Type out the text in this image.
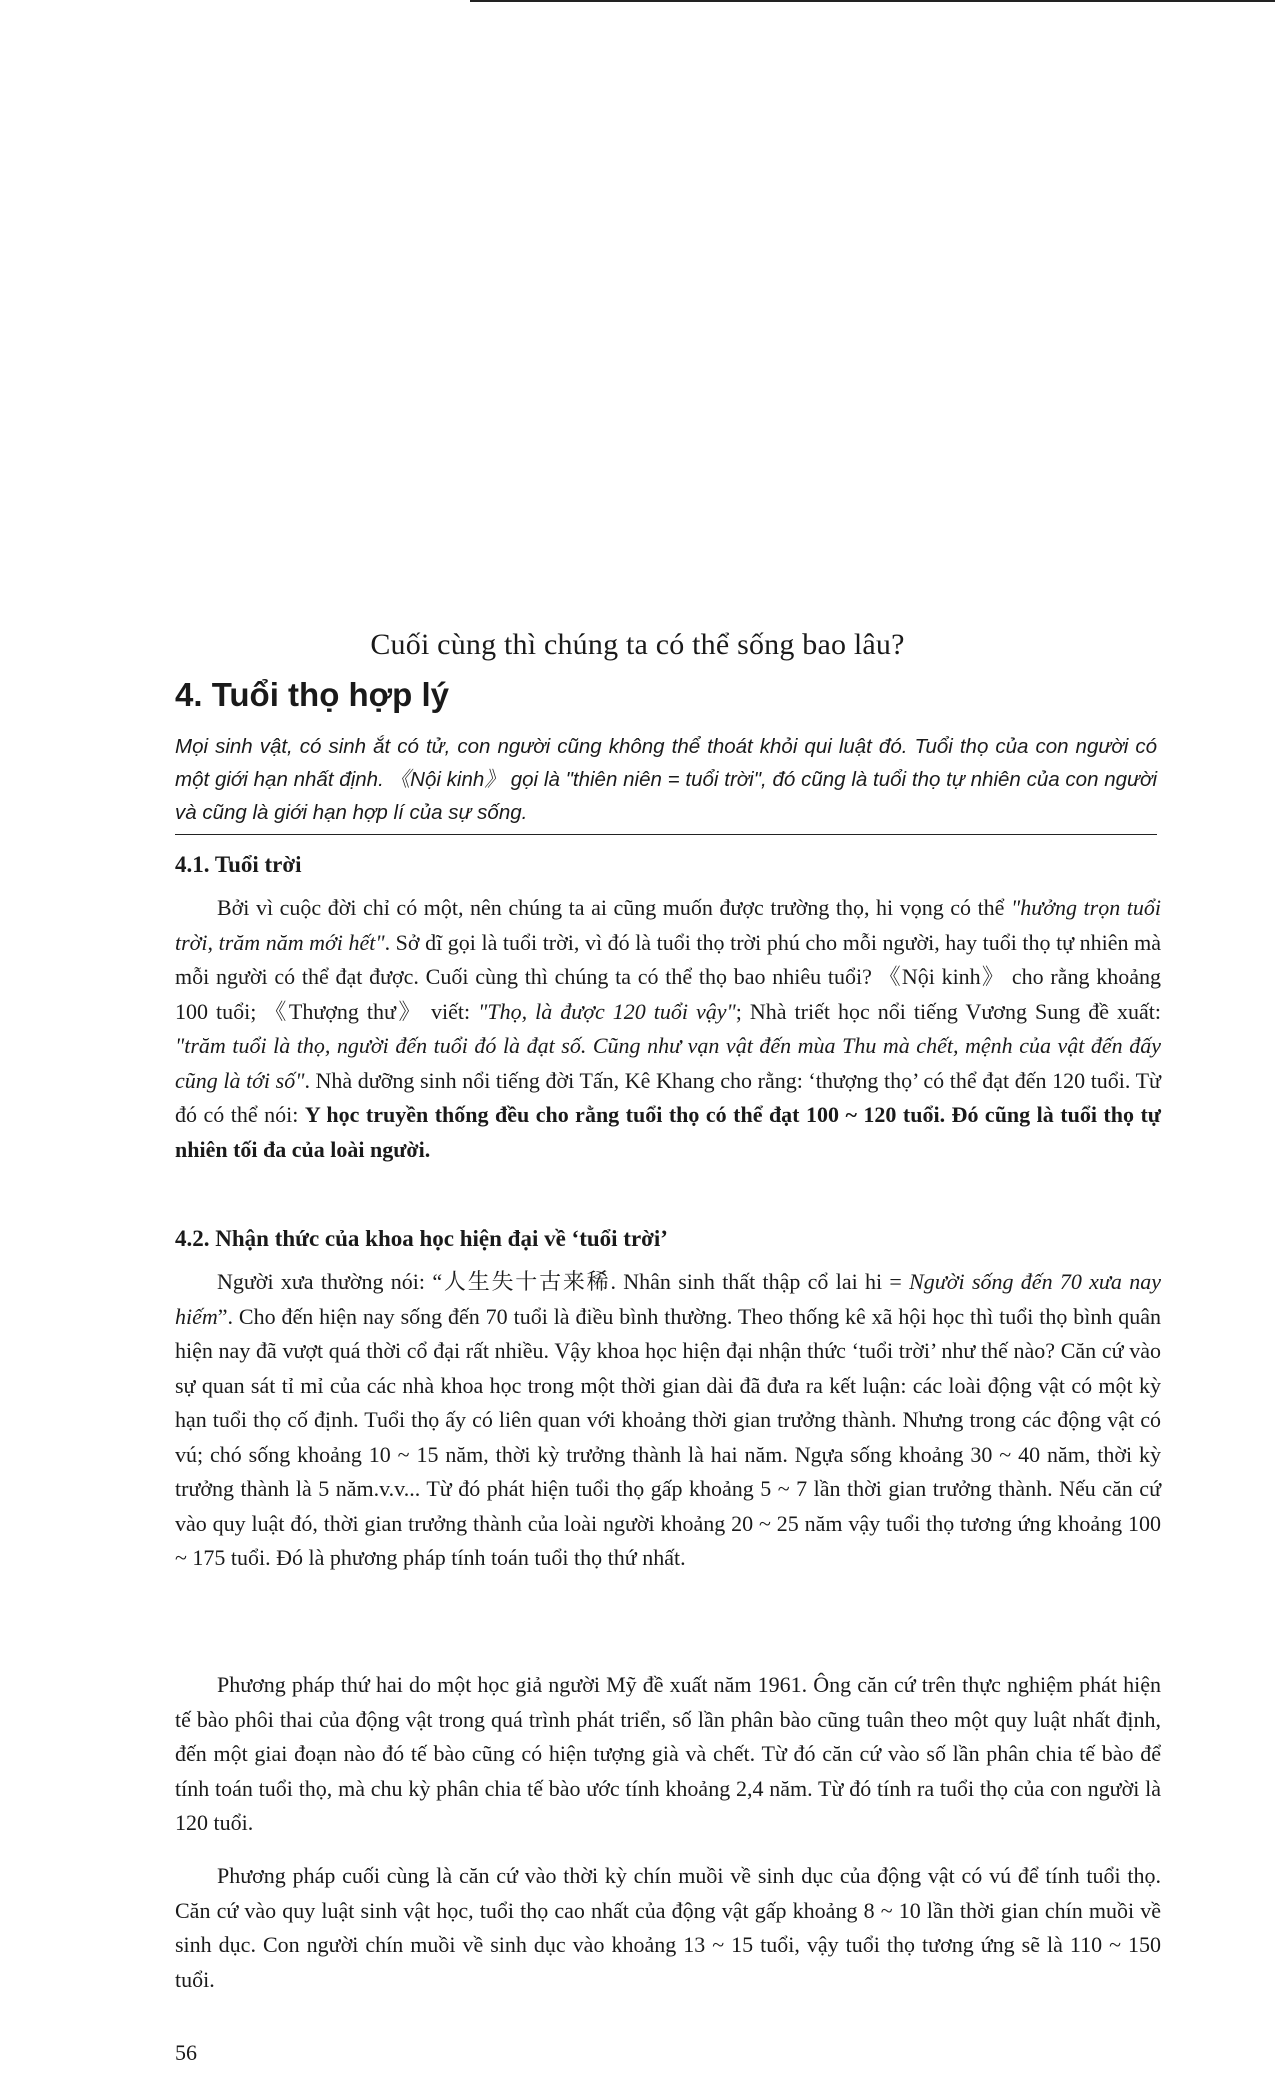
Cuối cùng thì chúng ta có thể sống bao lâu?
4. Tuổi thọ hợp lý

Mọi sinh vật, có sinh ắt có tử, con người cũng không thể thoát khỏi qui luật đó. Tuổi thọ của con người có một giới hạn nhất định. 《Nội kinh》 gọi là "thiên niên = tuổi trời", đó cũng là tuổi thọ tự nhiên của con người và cũng là giới hạn hợp lí của sự sống.

4.1. Tuổi trời

Bởi vì cuộc đời chỉ có một, nên chúng ta ai cũng muốn được trường thọ, hi vọng có thể "hưởng trọn tuổi trời, trăm năm mới hết". Sở dĩ gọi là tuổi trời, vì đó là tuổi thọ trời phú cho mỗi người, hay tuổi thọ tự nhiên mà mỗi người có thể đạt được. Cuối cùng thì chúng ta có thể thọ bao nhiêu tuổi? 《Nội kinh》 cho rằng khoảng 100 tuổi; 《Thượng thư》 viết: "Thọ, là được 120 tuổi vậy"; Nhà triết học nổi tiếng Vương Sung đề xuất: "trăm tuổi là thọ, người đến tuổi đó là đạt số. Cũng như vạn vật đến mùa Thu mà chết, mệnh của vật đến đấy cũng là tới số". Nhà dưỡng sinh nổi tiếng đời Tấn, Kê Khang cho rằng: ‘thượng thọ’ có thể đạt đến 120 tuổi. Từ đó có thể nói: Y học truyền thống đều cho rằng tuổi thọ có thể đạt 100 ~ 120 tuổi. Đó cũng là tuổi thọ tự nhiên tối đa của loài người.

4.2. Nhận thức của khoa học hiện đại về ‘tuổi trời’

Người xưa thường nói: “人生失十古来稀. Nhân sinh thất thập cổ lai hi = Người sống đến 70 xưa nay hiếm”. Cho đến hiện nay sống đến 70 tuổi là điều bình thường. Theo thống kê xã hội học thì tuổi thọ bình quân hiện nay đã vượt quá thời cổ đại rất nhiều. Vậy khoa học hiện đại nhận thức ‘tuổi trời’ như thế nào? Căn cứ vào sự quan sát tỉ mỉ của các nhà khoa học trong một thời gian dài đã đưa ra kết luận: các loài động vật có một kỳ hạn tuổi thọ cố định. Tuổi thọ ấy có liên quan với khoảng thời gian trưởng thành. Nhưng trong các động vật có vú; chó sống khoảng 10 ~ 15 năm, thời kỳ trưởng thành là hai năm. Ngựa sống khoảng 30 ~ 40 năm, thời kỳ trưởng thành là 5 năm.v.v... Từ đó phát hiện tuổi thọ gấp khoảng 5 ~ 7 lần thời gian trưởng thành. Nếu căn cứ vào quy luật đó, thời gian trưởng thành của loài người khoảng 20 ~ 25 năm vậy tuổi thọ tương ứng khoảng 100 ~ 175 tuổi. Đó là phương pháp tính toán tuổi thọ thứ nhất.

Phương pháp thứ hai do một học giả người Mỹ đề xuất năm 1961. Ông căn cứ trên thực nghiệm phát hiện tế bào phôi thai của động vật trong quá trình phát triển, số lần phân bào cũng tuân theo một quy luật nhất định, đến một giai đoạn nào đó tế bào cũng có hiện tượng già và chết. Từ đó căn cứ vào số lần phân chia tế bào để tính toán tuổi thọ, mà chu kỳ phân chia tế bào ước tính khoảng 2,4 năm. Từ đó tính ra tuổi thọ của con người là 120 tuổi.

Phương pháp cuối cùng là căn cứ vào thời kỳ chín muồi về sinh dục của động vật có vú để tính tuổi thọ. Căn cứ vào quy luật sinh vật học, tuổi thọ cao nhất của động vật gấp khoảng 8 ~ 10 lần thời gian chín muồi về sinh dục. Con người chín muồi về sinh dục vào khoảng 13 ~ 15 tuổi, vậy tuổi thọ tương ứng sẽ là 110 ~ 150 tuổi.

56
